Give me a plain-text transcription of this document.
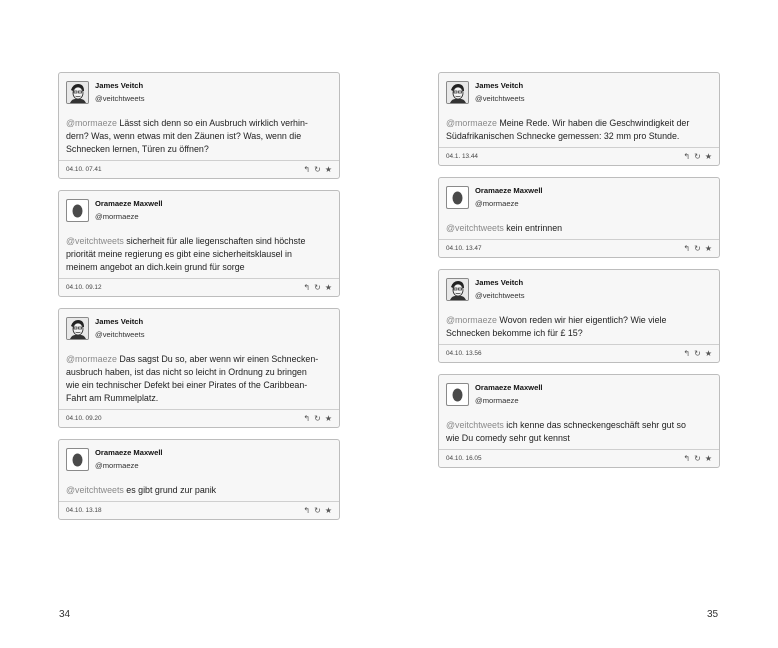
James Veitch
@veitchtweets
@mormaeze Lässt sich denn so ein Ausbruch wirklich verhin-
dern? Was, wenn etwas mit den Zäunen ist? Was, wenn die
Schnecken lernen, Türen zu öffnen?
04.10. 07.41	↰ ↻ ★
Oramaeze Maxwell
@mormaeze
@veitchtweets sicherheit für alle liegenschaften sind höchste
priorität meine regierung es gibt eine sicherheitsklausel in
meinem angebot an dich.kein grund für sorge
04.10. 09.12	↰ ↻ ★
James Veitch
@veitchtweets
@mormaeze Das sagst Du so, aber wenn wir einen Schnecken-
ausbruch haben, ist das nicht so leicht in Ordnung zu bringen
wie ein technischer Defekt bei einer Pirates of the Caribbean-
Fahrt am Rummelplatz.
04.10. 09.20	↰ ↻ ★
Oramaeze Maxwell
@mormaeze
@veitchtweets es gibt grund zur panik
04.10. 13.18	↰ ↻ ★
34
James Veitch
@veitchtweets
@mormaeze Meine Rede. Wir haben die Geschwindigkeit der
Südafrikanischen Schnecke gemessen: 32 mm pro Stunde.
04.1. 13.44	↰ ↻ ★
Oramaeze Maxwell
@mormaeze
@veitchtweets kein entrinnen
04.10. 13.47	↰ ↻ ★
James Veitch
@veitchtweets
@mormaeze Wovon reden wir hier eigentlich? Wie viele
Schnecken bekomme ich für £ 15?
04.10. 13.56	↰ ↻ ★
Oramaeze Maxwell
@mormaeze
@veitchtweets ich kenne das schneckengeschäft sehr gut so
wie Du comedy sehr gut kennst
04.10. 16.05	↰ ↻ ★
35
